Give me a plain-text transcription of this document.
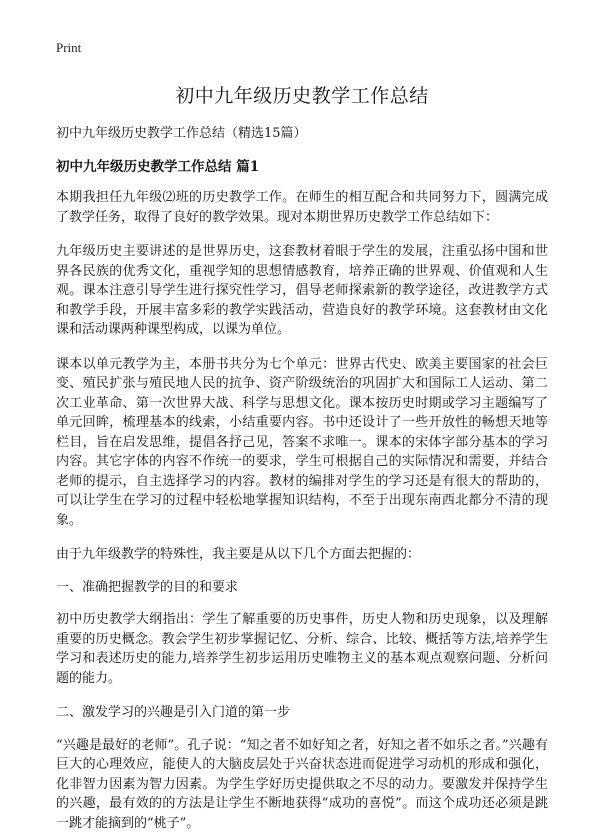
Print
初中九年级历史教学工作总结
初中九年级历史教学工作总结（精选15篇）
初中九年级历史教学工作总结 篇1

本期我担任九年级⑵班的历史教学工作。在师生的相互配合和共同努力下，圆满完成了教学任务，取得了良好的教学效果。现对本期世界历史教学工作总结如下：

九年级历史主要讲述的是世界历史，这套教材着眼于学生的发展，注重弘扬中国和世界各民族的优秀文化，重视学知的思想情感教育，培养正确的世界观、价值观和人生观。课本注意引导学生进行探究性学习，倡导老师探索新的教学途径，改进教学方式和教学手段，开展丰富多彩的教学实践活动，营造良好的教学环境。这套教材由文化课和活动课两种课型构成，以课为单位。

课本以单元教学为主，本册书共分为七个单元：世界古代史、欧美主要国家的社会巨变、殖民扩张与殖民地人民的抗争、资产阶级统治的巩固扩大和国际工人运动、第二次工业革命、第一次世界大战、科学与思想文化。课本按历史时期或学习主题编写了单元回眸，梳理基本的线索，小结重要内容。书中还设计了一些开放性的畅想天地等栏目，旨在启发思维，提倡各抒己见，答案不求唯一。课本的宋体字部分基本的学习内容。其它字体的内容不作统一的要求，学生可根据自己的实际情况和需要，并结合老师的提示，自主选择学习的内容。教材的编排对学生的学习还是有很大的帮助的，可以让学生在学习的过程中轻松地掌握知识结构，不至于出现东南西北都分不清的现象。

由于九年级教学的特殊性，我主要是从以下几个方面去把握的：

一、准确把握教学的目的和要求

初中历史教学大纲指出：学生了解重要的历史事件，历史人物和历史现象，以及理解重要的历史概念。教会学生初步掌握记忆、分析、综合、比较、概括等方法,培养学生学习和表述历史的能力,培养学生初步运用历史唯物主义的基本观点观察问题、分析问题的能力。

二、激发学习的兴趣是引入门道的第一步

“兴趣是最好的老师”。孔子说：“知之者不如好知之者，好知之者不如乐之者。”兴趣有巨大的心理效应，能使人的大脑皮层处于兴奋状态进而促进学习动机的形成和强化，化非智力因素为智力因素。为学生学好历史提供取之不尽的动力。要激发并保持学生的兴趣，最有效的的方法是让学生不断地获得“成功的喜悦”。而这个成功还必须是跳一跳才能摘到的“桃子”。
